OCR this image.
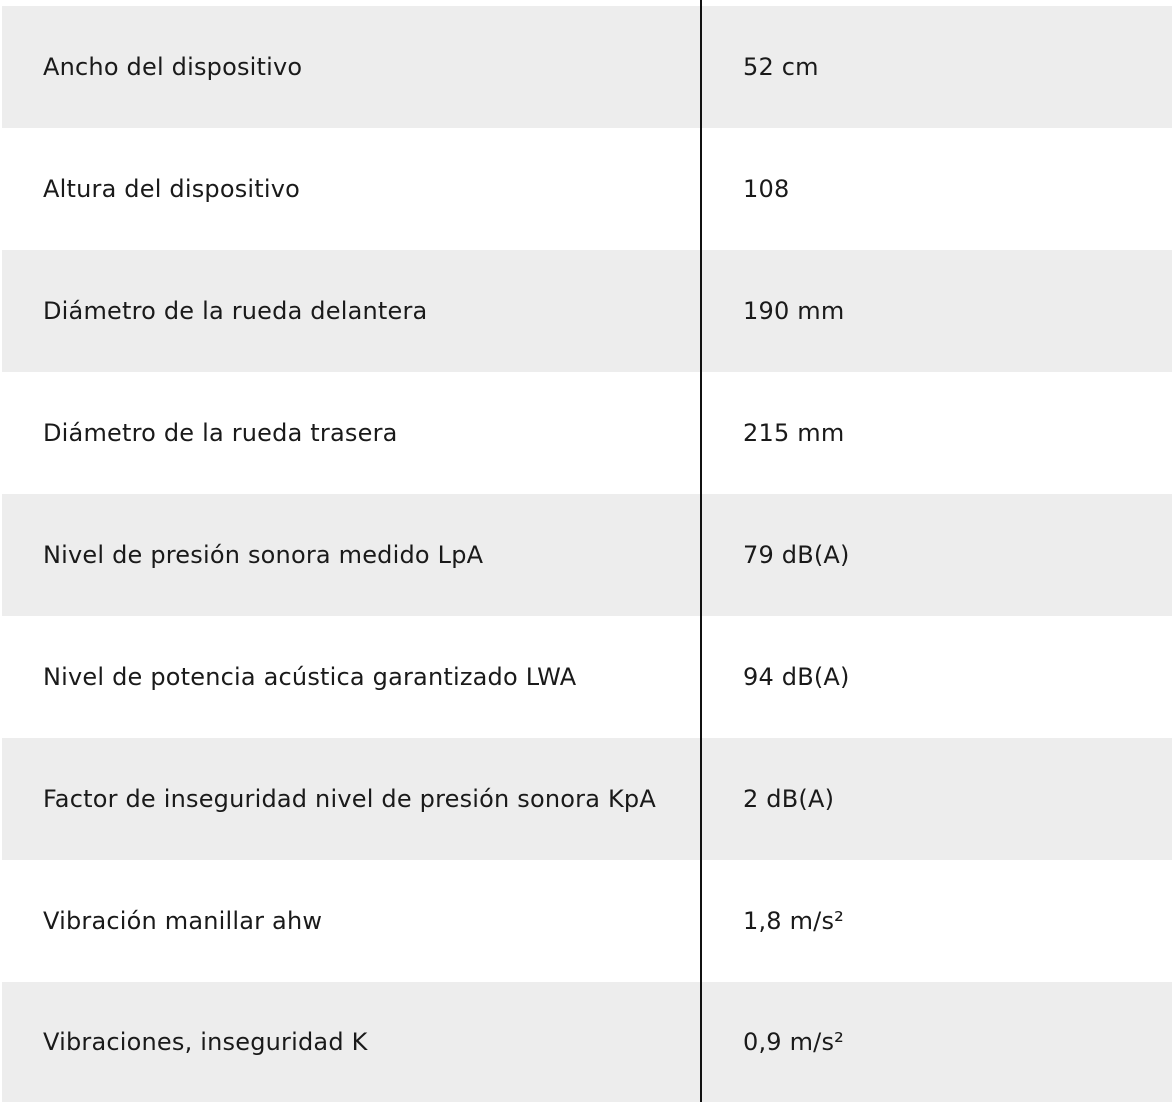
Ancho del dispositivo	52 cm
Altura del dispositivo	108
Diámetro de la rueda delantera	190 mm
Diámetro de la rueda trasera	215 mm
Nivel de presión sonora medido LpA	79 dB(A)
Nivel de potencia acústica garantizado LWA	94 dB(A)
Factor de inseguridad nivel de presión sonora KpA	2 dB(A)
Vibración manillar ahw	1,8 m/s²
Vibraciones, inseguridad K	0,9 m/s²
